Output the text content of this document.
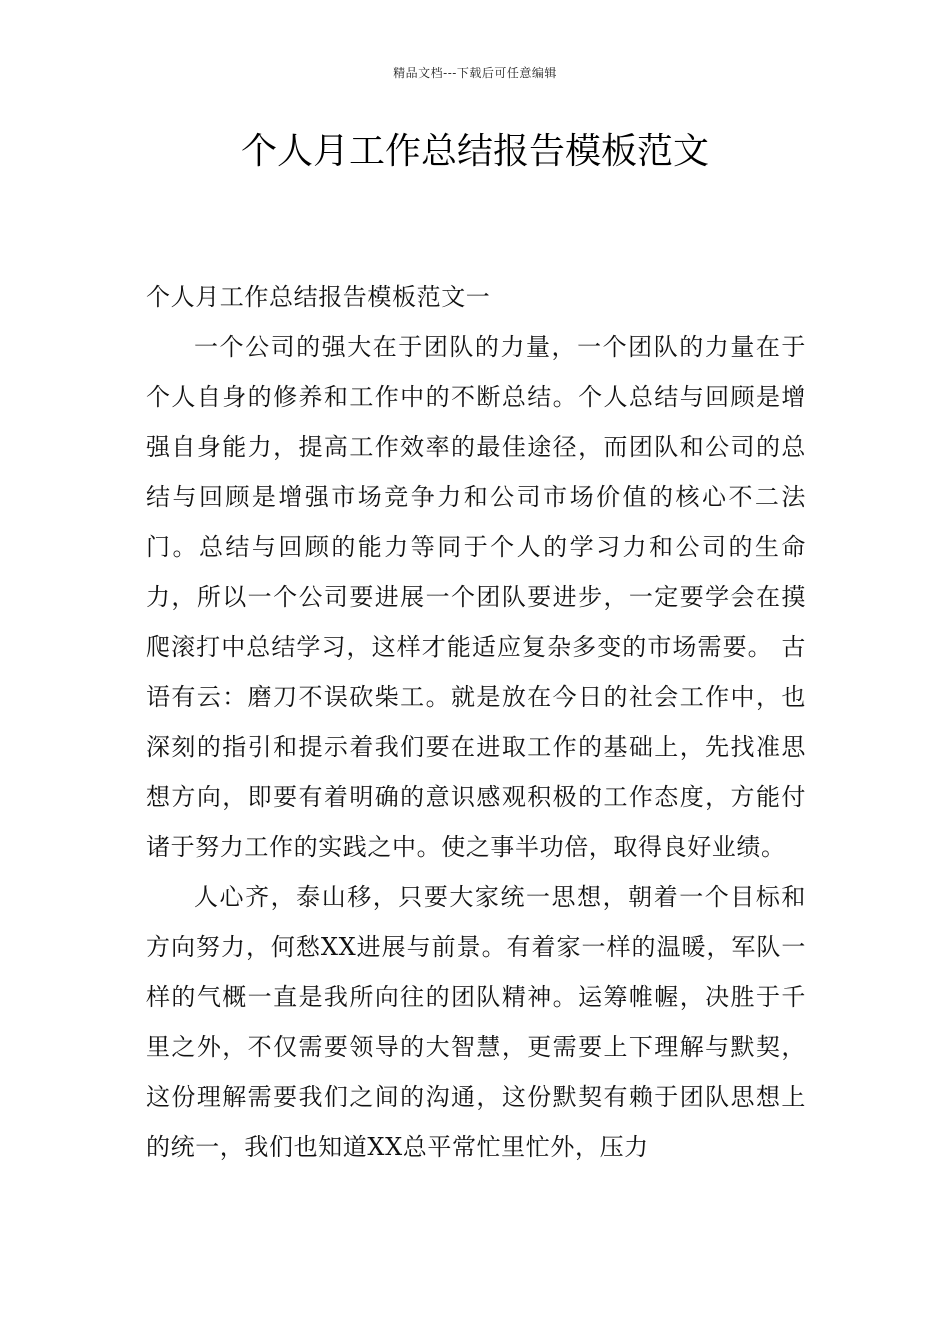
精品文档---下载后可任意编辑
个人月工作总结报告模板范文
个人月工作总结报告模板范文一

一个公司的强大在于团队的力量，一个团队的力量在于个人自身的修养和工作中的不断总结。个人总结与回顾是增强自身能力，提高工作效率的最佳途径，而团队和公司的总结与回顾是增强市场竞争力和公司市场价值的核心不二法门。总结与回顾的能力等同于个人的学习力和公司的生命力，所以一个公司要进展一个团队要进步，一定要学会在摸爬滚打中总结学习，这样才能适应复杂多变的市场需要。 古语有云：磨刀不误砍柴工。就是放在今日的社会工作中，也深刻的指引和提示着我们要在进取工作的基础上，先找准思想方向，即要有着明确的意识感观积极的工作态度，方能付诸于努力工作的实践之中。使之事半功倍，取得良好业绩。

人心齐，泰山移，只要大家统一思想，朝着一个目标和方向努力，何愁XX进展与前景。有着家一样的温暖，军队一样的气概一直是我所向往的团队精神。运筹帷幄，决胜于千里之外，不仅需要领导的大智慧，更需要上下理解与默契，这份理解需要我们之间的沟通，这份默契有赖于团队思想上的统一，我们也知道XX总平常忙里忙外，压力
